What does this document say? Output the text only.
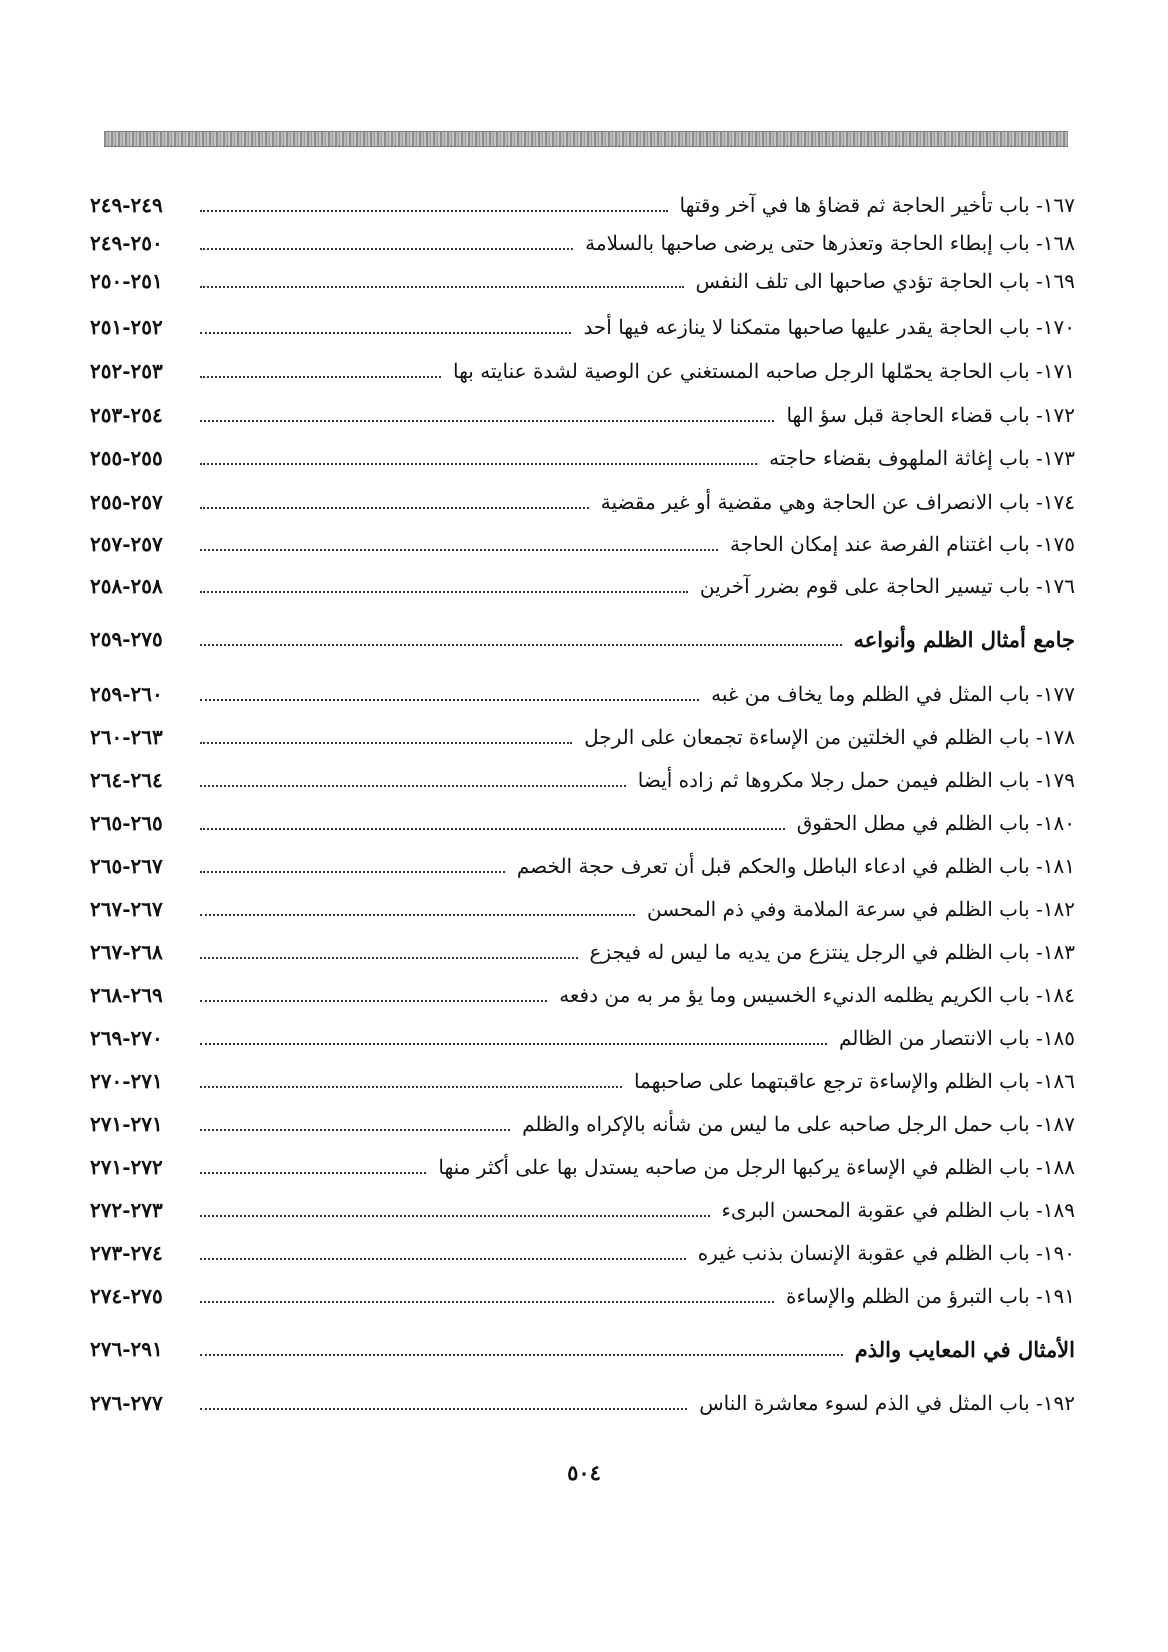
٢٤٩-٢٤٩	١٦٧- باب تأخير الحاجة ثم قضاؤ ها في آخر وقتها
٢٥٠-٢٤٩	١٦٨- باب إبطاء الحاجة وتعذرها حتى يرضى صاحبها بالسلامة
٢٥١-٢٥٠	١٦٩- باب الحاجة تؤدي صاحبها الى تلف النفس
٢٥٢-٢٥١	١٧٠- باب الحاجة يقدر عليها صاحبها متمكنا لا ينازعه فيها أحد
٢٥٣-٢٥٢	١٧١- باب الحاجة يحمّلها الرجل صاحبه المستغني عن الوصية لشدة عنايته بها
٢٥٤-٢٥٣	١٧٢- باب قضاء الحاجة قبل سؤ الها
٢٥٥-٢٥٥	١٧٣- باب إغاثة الملهوف بقضاء حاجته
٢٥٧-٢٥٥	١٧٤- باب الانصراف عن الحاجة وهي مقضية أو غير مقضية
٢٥٧-٢٥٧	١٧٥- باب اغتنام الفرصة عند إمكان الحاجة
٢٥٨-٢٥٨	١٧٦- باب تيسير الحاجة على قوم بضرر آخرين
٢٧٥-٢٥٩	جامع أمثال الظلم وأنواعه
٢٦٠-٢٥٩	١٧٧- باب المثل في الظلم وما يخاف من غبه
٢٦٣-٢٦٠	١٧٨- باب الظلم في الخلتين من الإساءة تجمعان على الرجل
٢٦٤-٢٦٤	١٧٩- باب الظلم فيمن حمل رجلا مكروها ثم زاده أيضا
٢٦٥-٢٦٥	١٨٠- باب الظلم في مطل الحقوق
٢٦٧-٢٦٥	١٨١- باب الظلم في ادعاء الباطل والحكم قبل أن تعرف حجة الخصم
٢٦٧-٢٦٧	١٨٢- باب الظلم في سرعة الملامة وفي ذم المحسن
٢٦٨-٢٦٧	١٨٣- باب الظلم في الرجل ينتزع من يديه ما ليس له فيجزع
٢٦٩-٢٦٨	١٨٤- باب الكريم يظلمه الدنيء الخسيس وما يؤ مر به من دفعه
٢٧٠-٢٦٩	١٨٥- باب الانتصار من الظالم
٢٧١-٢٧٠	١٨٦- باب الظلم والإساءة ترجع عاقبتهما على صاحبهما
٢٧١-٢٧١	١٨٧- باب حمل الرجل صاحبه على ما ليس من شأنه بالإكراه والظلم
٢٧٢-٢٧١	١٨٨- باب الظلم في الإساءة يركبها الرجل من صاحبه يستدل بها على أكثر منها
٢٧٣-٢٧٢	١٨٩- باب الظلم في عقوبة المحسن البرىء
٢٧٤-٢٧٣	١٩٠- باب الظلم في عقوبة الإنسان بذنب غيره
٢٧٥-٢٧٤	١٩١- باب التبرؤ من الظلم والإساءة
٢٩١-٢٧٦	الأمثال في المعايب والذم
٢٧٧-٢٧٦	١٩٢- باب المثل في الذم لسوء معاشرة الناس
٥٠٤
